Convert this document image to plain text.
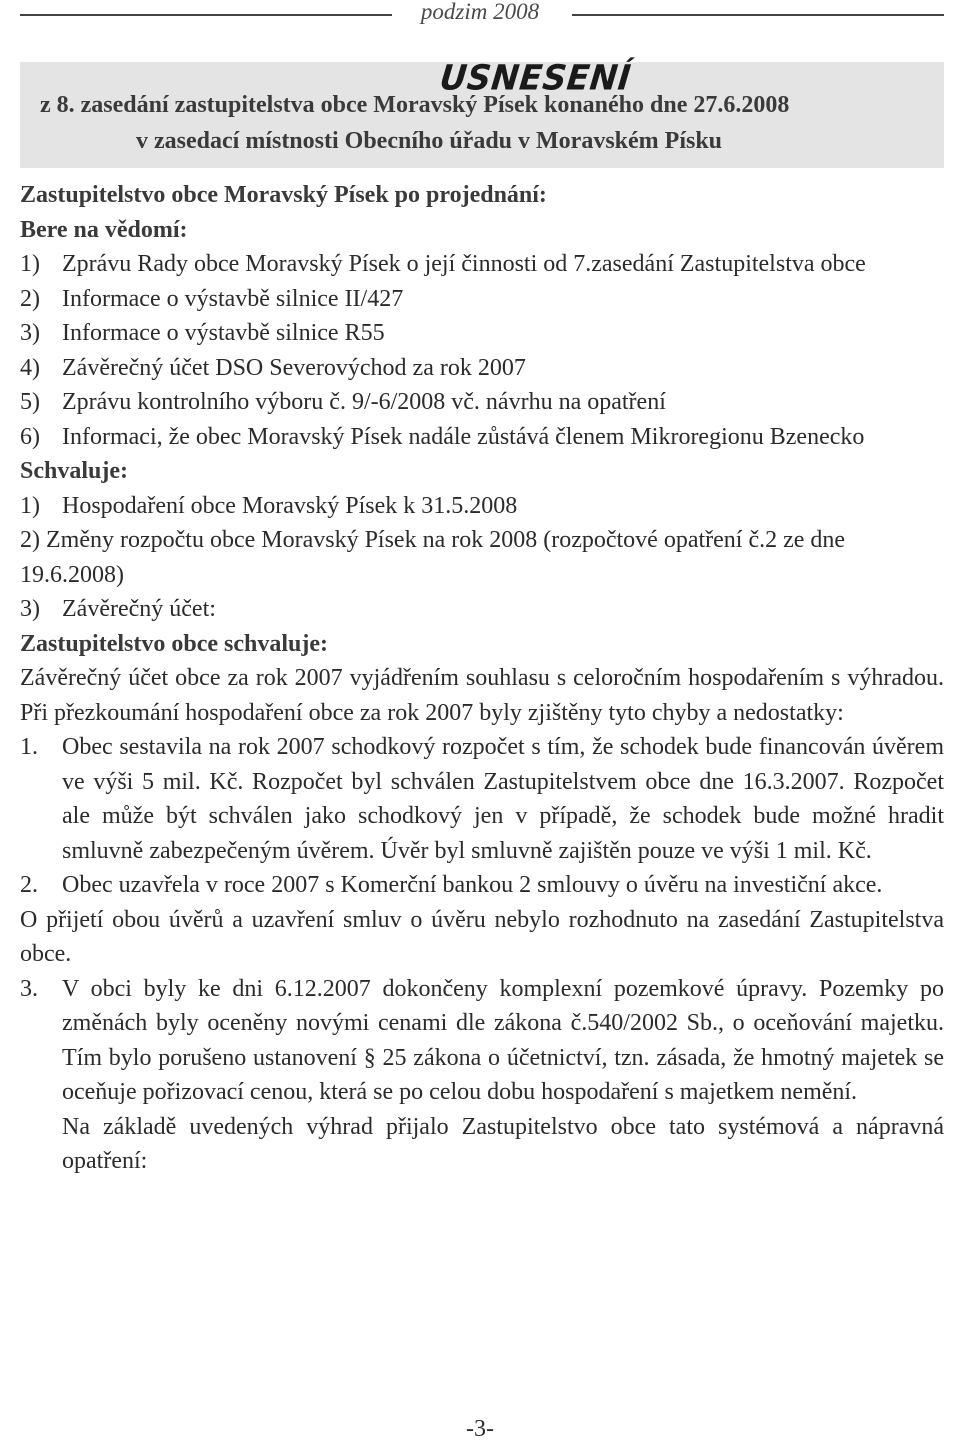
podzim 2008
USNESENÍ
z 8. zasedání zastupitelstva obce Moravský Písek konaného dne 27.6.2008
v zasedací místnosti Obecního úřadu v Moravském Písku

Zastupitelstvo obce Moravský Písek po projednání:

Bere na vědomí:

1) Zprávu Rady obce Moravský Písek o její činnosti od 7.zasedání Zastupitelstva obce
2) Informace o výstavbě silnice II/427
3) Informace o výstavbě silnice R55
4) Závěrečný účet DSO Severovýchod za rok 2007
5) Zprávu kontrolního výboru č. 9/-6/2008 vč. návrhu na opatření
6) Informaci, že obec Moravský Písek nadále zůstává členem Mikroregionu Bzenecko

Schvaluje:

1) Hospodaření obce Moravský Písek k 31.5.2008

2) Změny rozpočtu obce Moravský Písek na rok 2008 (rozpočtové opatření č.2 ze dne 19.6.2008)

3) Závěrečný účet:

Zastupitelstvo obce schvaluje:

Závěrečný účet obce za rok 2007 vyjádřením souhlasu s celoročním hospodařením s výhradou. Při přezkoumání hospodaření obce za rok 2007 byly zjištěny tyto chyby a nedostatky:

1.	Obec sestavila na rok 2007 schodkový rozpočet s tím, že schodek bude financován úvěrem ve výši 5 mil. Kč. Rozpočet byl schválen Zastupitelstvem obce dne 16.3.2007. Rozpočet ale může být schválen jako schodkový jen v případě, že schodek bude možné hradit smluvně zabezpečeným úvěrem. Úvěr byl smluvně zajištěn pouze ve výši 1 mil. Kč.
2.	Obec uzavřela v roce 2007 s Komerční bankou 2 smlouvy o úvěru na investiční akce.

O přijetí obou úvěrů a uzavření smluv o úvěru nebylo rozhodnuto na zasedání Zastupitelstva obce.

3.	V obci byly ke dni 6.12.2007 dokončeny komplexní pozemkové úpravy. Pozemky po změnách byly oceněny novými cenami dle zákona č.540/2002 Sb., o oceňování majetku. Tím bylo porušeno ustanovení § 25 zákona o účetnictví, tzn. zásada, že hmotný majetek se oceňuje pořizovací cenou, která se po celou dobu hospodaření s majetkem nemění.

Na základě uvedených výhrad přijalo Zastupitelstvo obce tato systémová a nápravná opatření:

-3-
